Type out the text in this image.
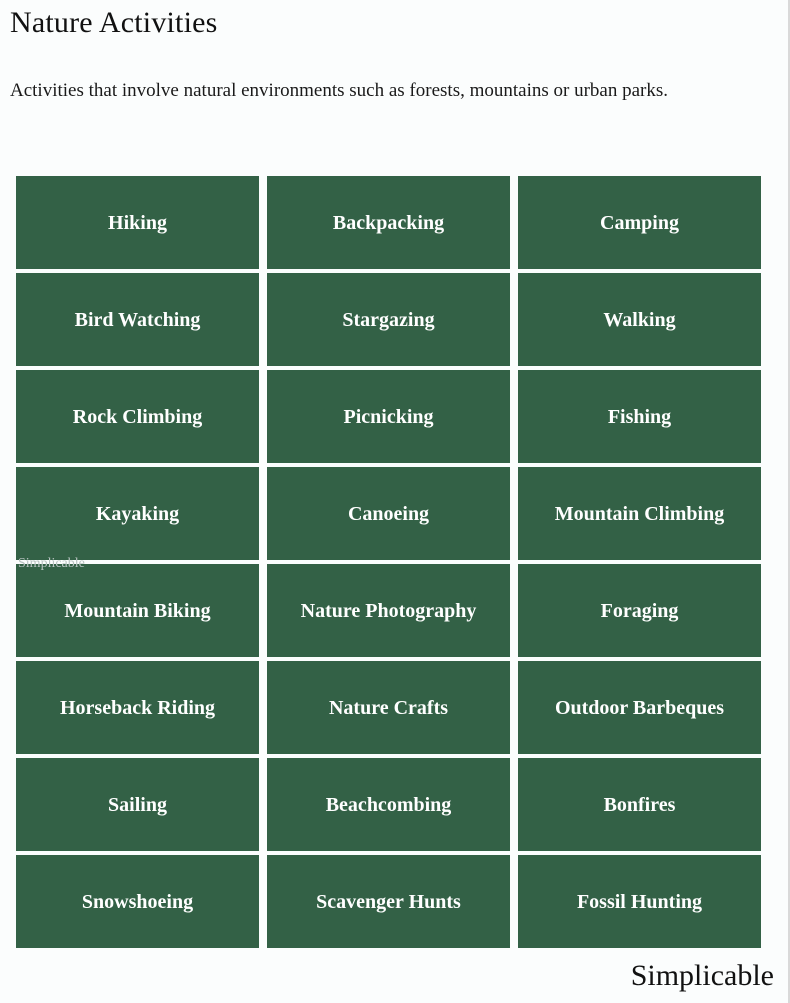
Nature Activities
Activities that involve natural environments such as forests, mountains or urban parks.
Hiking	Backpacking	Camping
Bird Watching	Stargazing	Walking
Rock Climbing	Picnicking	Fishing
Kayaking	Canoeing	Mountain Climbing
Mountain Biking	Nature Photography	Foraging
Horseback Riding	Nature Crafts	Outdoor Barbeques
Sailing	Beachcombing	Bonfires
Snowshoeing	Scavenger Hunts	Fossil Hunting
Simplicable
Simplicable
